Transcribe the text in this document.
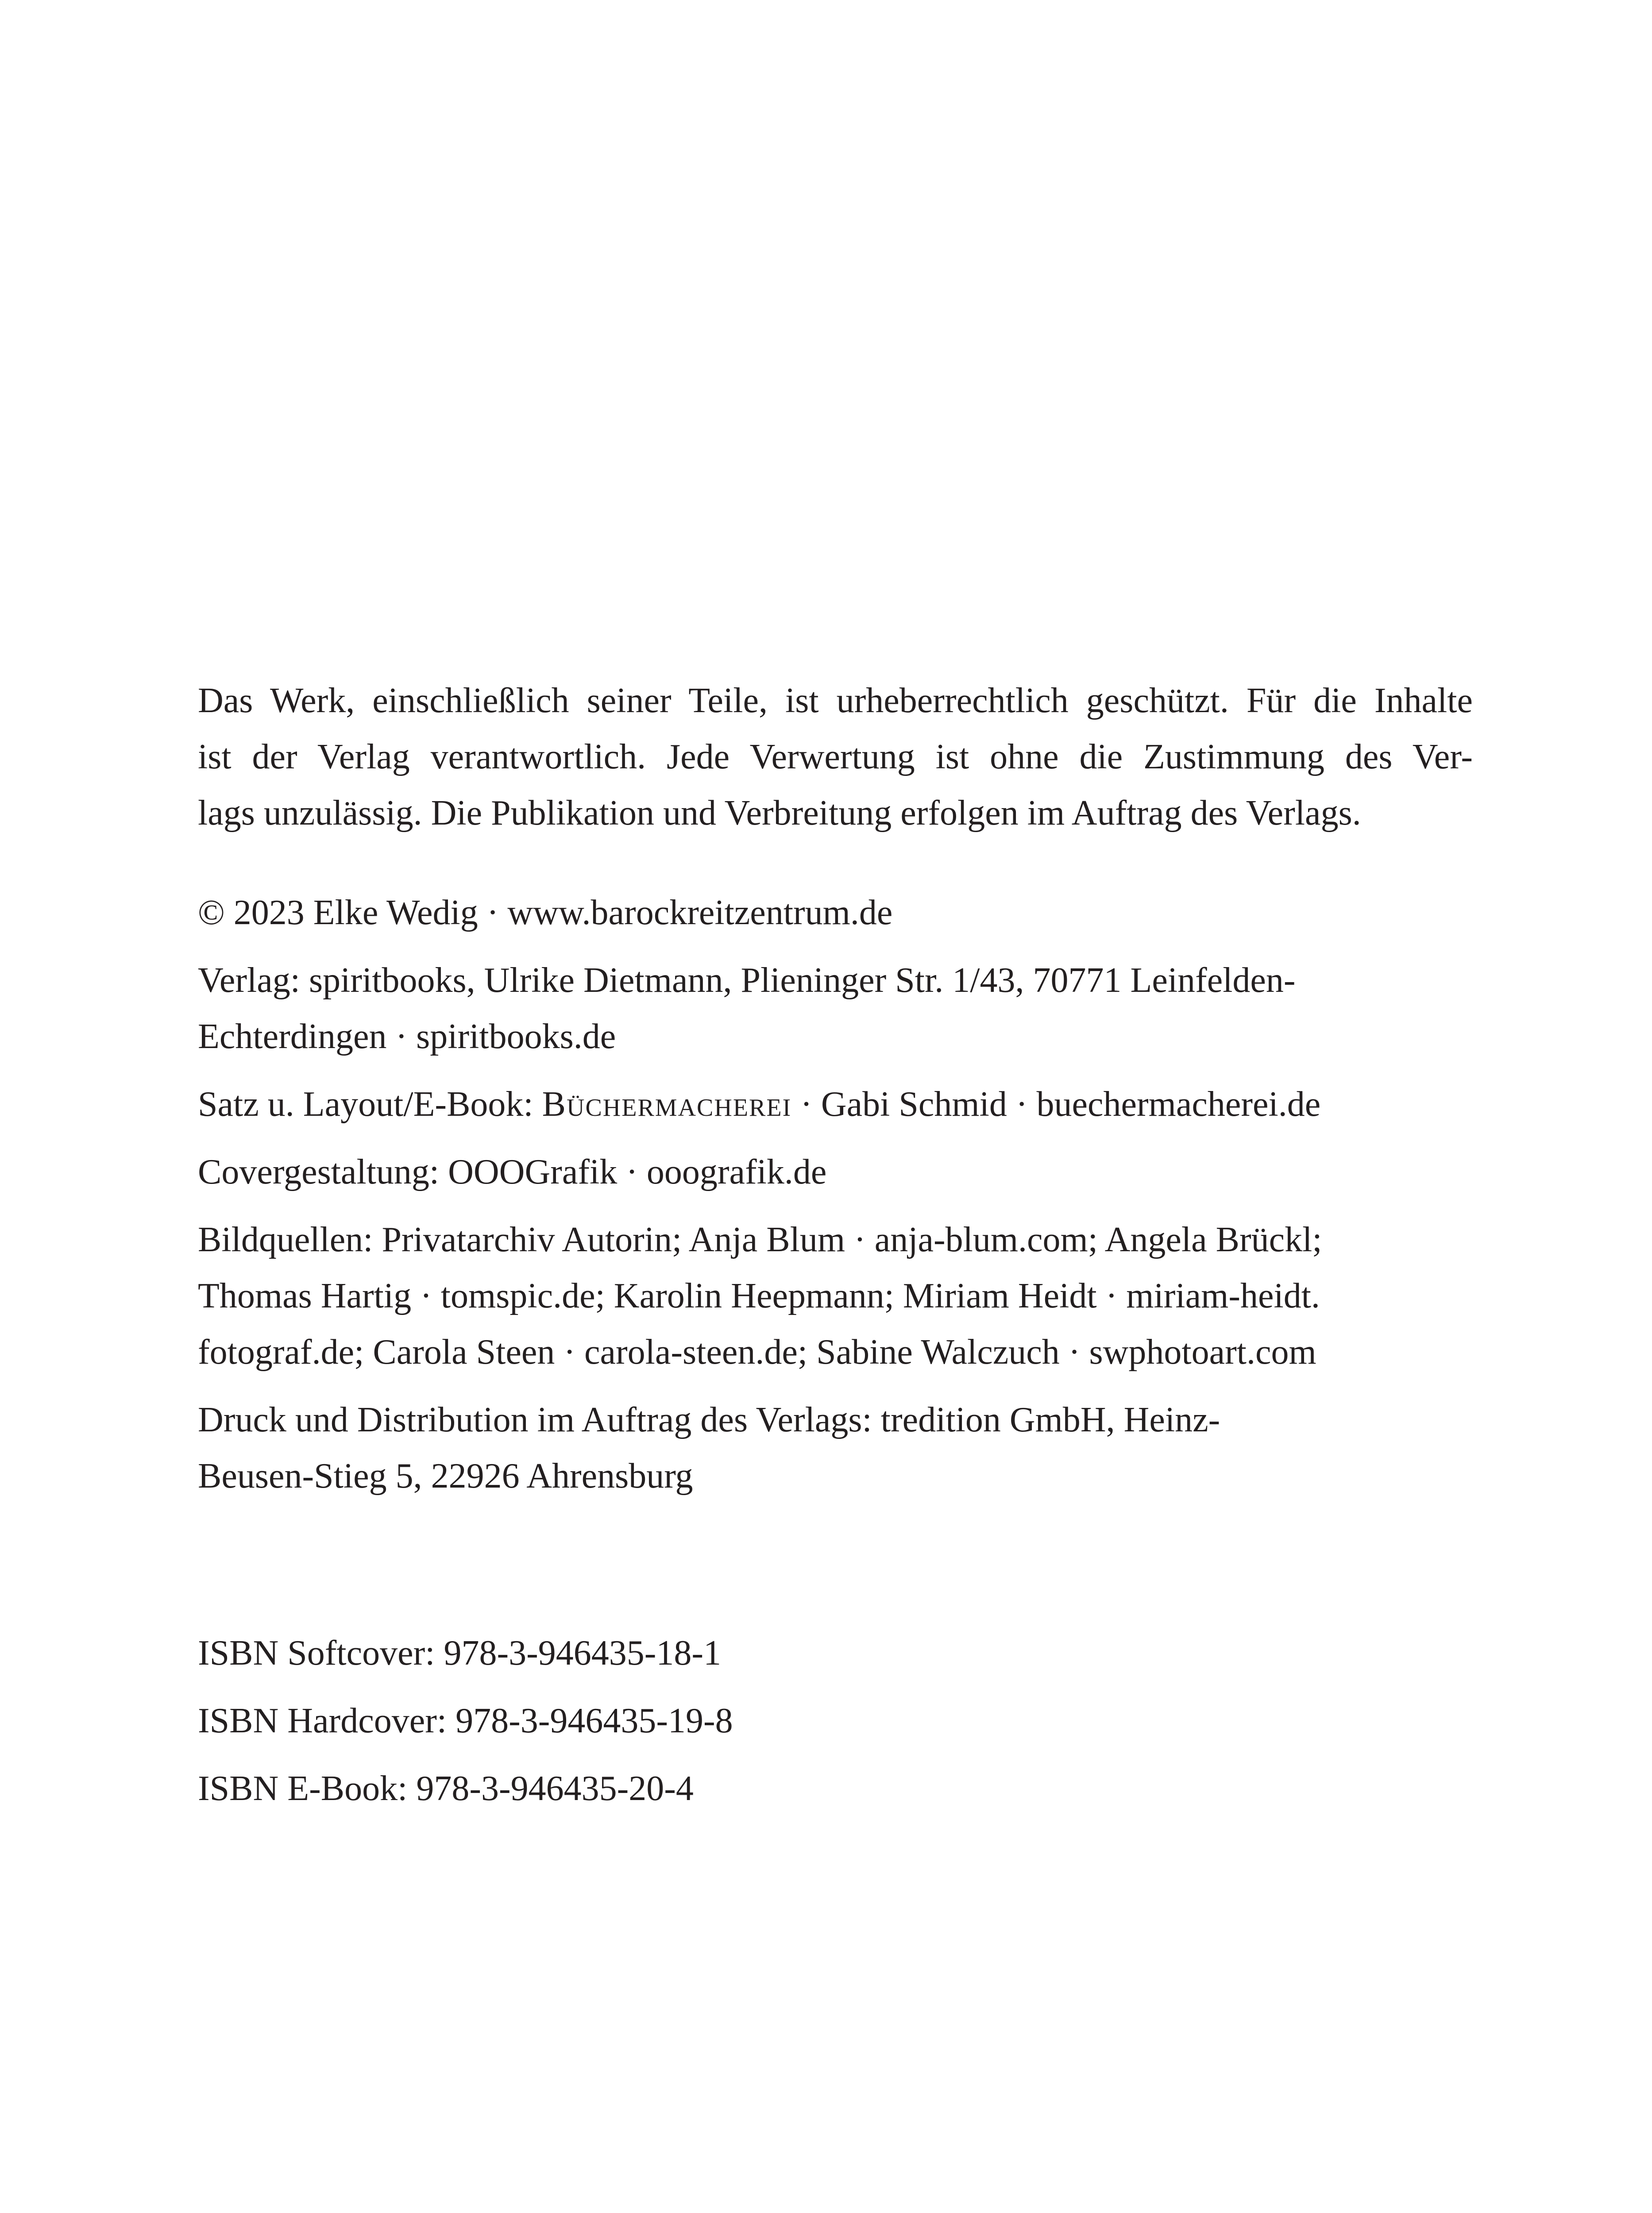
Das Werk, einschließlich seiner Teile, ist urheberrechtlich geschützt. Für die Inhalte
ist der Verlag verantwortlich. Jede Verwertung ist ohne die Zustimmung des Ver-
lags unzulässig. Die Publikation und Verbreitung erfolgen im Auftrag des Verlags.

© 2023 Elke Wedig · www.barockreitzentrum.de

Verlag: spiritbooks, Ulrike Dietmann, Plieninger Str. 1/43, 70771 Leinfelden-
Echterdingen · spiritbooks.de

Satz u. Layout/E-Book: Büchermacherei · Gabi Schmid · buechermacherei.de

Covergestaltung: OOOGrafik · ooografik.de

Bildquellen: Privatarchiv Autorin; Anja Blum · anja-blum.com; Angela Brückl;
Thomas Hartig · tomspic.de; Karolin Heepmann; Miriam Heidt · miriam-heidt.
fotograf.de; Carola Steen · carola-steen.de; Sabine Walczuch · swphotoart.com

Druck und Distribution im Auftrag des Verlags: tredition GmbH, Heinz-
Beusen-Stieg 5, 22926 Ahrensburg

ISBN Softcover: 978-3-946435-18-1

ISBN Hardcover: 978-3-946435-19-8

ISBN E-Book: 978-3-946435-20-4
